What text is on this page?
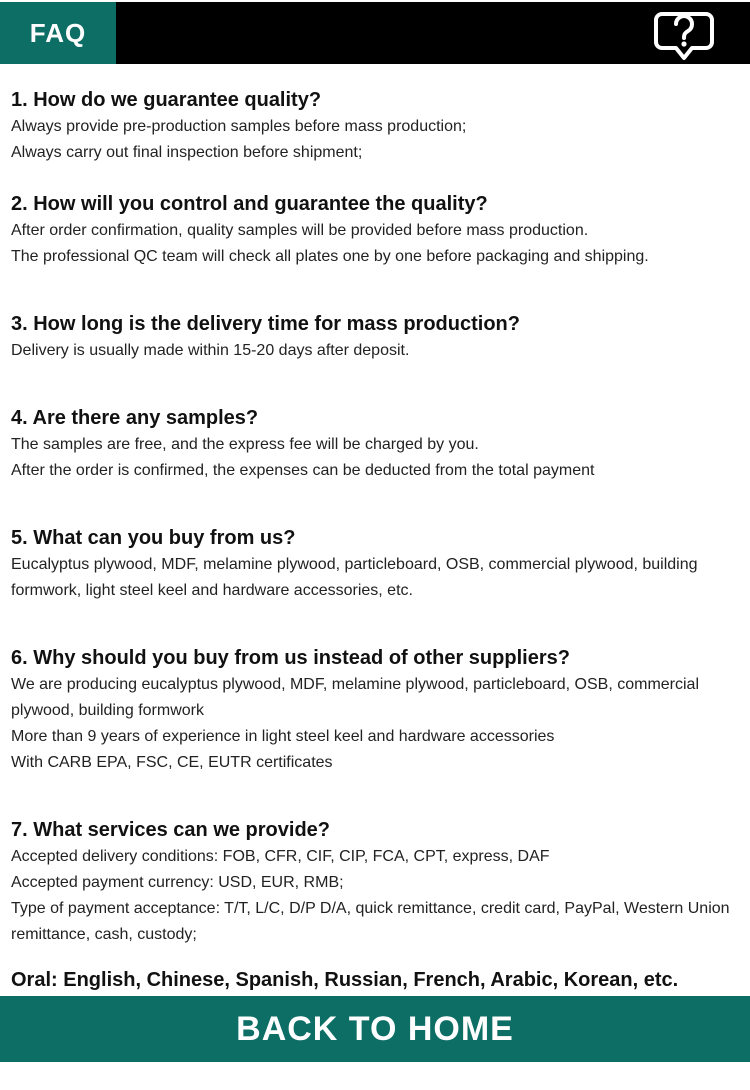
FAQ

1. How do we guarantee quality?

Always provide pre-production samples before mass production;

Always carry out final inspection before shipment;

2. How will you control and guarantee the quality?

After order confirmation, quality samples will be provided before mass production.

The professional QC team will check all plates one by one before packaging and shipping.

3. How long is the delivery time for mass production?

Delivery is usually made within 15-20 days after deposit.

4. Are there any samples?

The samples are free, and the express fee will be charged by you.

After the order is confirmed, the expenses can be deducted from the total payment

5. What can you buy from us?

Eucalyptus plywood, MDF, melamine plywood, particleboard, OSB, commercial plywood, building formwork, light steel keel and hardware accessories, etc.

6. Why should you buy from us instead of other suppliers?

We are producing eucalyptus plywood, MDF, melamine plywood, particleboard, OSB, commercial plywood, building formwork

More than 9 years of experience in light steel keel and hardware accessories

With CARB EPA, FSC, CE, EUTR certificates

7. What services can we provide?

Accepted delivery conditions: FOB, CFR, CIF, CIP, FCA, CPT, express, DAF

Accepted payment currency: USD, EUR, RMB;

Type of payment acceptance: T/T, L/C, D/P D/A, quick remittance, credit card, PayPal, Western Union remittance, cash, custody;

Oral: English, Chinese, Spanish, Russian, French, Arabic, Korean, etc.

BACK TO HOME
